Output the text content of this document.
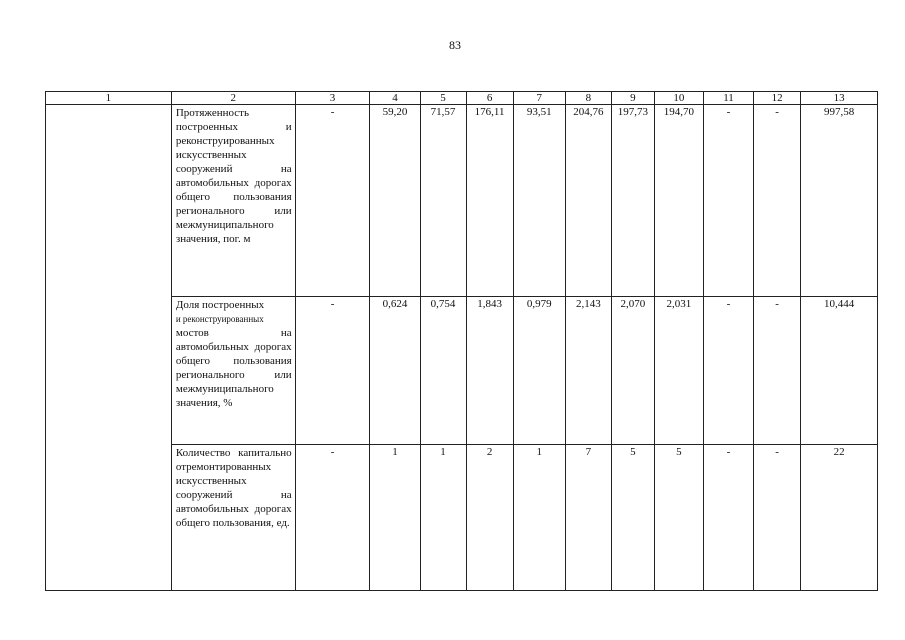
83
1	2	3	4	5	6	7	8	9	10	11	12	13
	Протяженность построенных и реконструированных искусственных сооружений на автомобильных дорогах общего пользования регионального или межмуниципального значения, пог. м	-	59,20	71,57	176,11	93,51	204,76	197,73	194,70	-	-	997,58
	Доля построенных
и реконструированных
мостов на автомобильных дорогах общего пользования регионального или межмуниципального значения, %	-	0,624	0,754	1,843	0,979	2,143	2,070	2,031	-	-	10,444
	Количество капитально отремонтированных искусственных сооружений на автомобильных дорогах общего пользования, ед.	-	1	1	2	1	7	5	5	-	-	22
